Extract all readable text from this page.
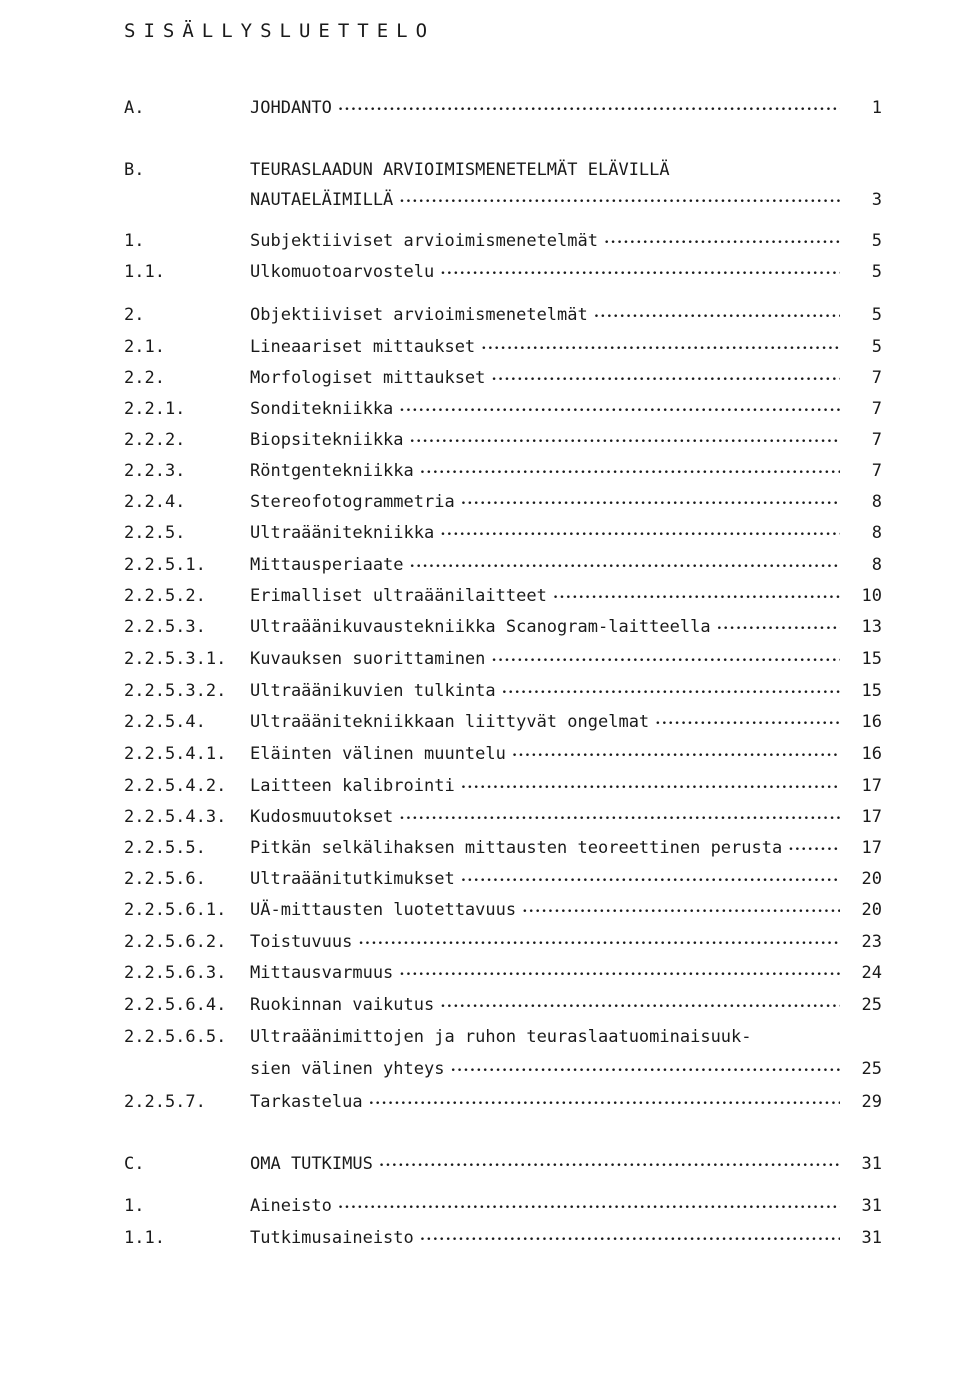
SISÄLLYSLUETTELO
A.	JOHDANTO •••••	1
B.	TEURASLAADUN ARVIOIMISMENETELMÄT ELÄVILLÄ
NAUTAELÄIMILLÄ •••••	3
1.	Subjektiiviset arvioimismenetelmät •••••	5
1.1.	Ulkomuotoarvostelu •••••	5
2.	Objektiiviset arvioimismenetelmät •••••	5
2.1.	Lineaariset mittaukset •••••	5
2.2.	Morfologiset mittaukset •••••	7
2.2.1.	Sonditekniikka •••••	7
2.2.2.	Biopsitekniikka •••••	7
2.2.3.	Röntgentekniikka •••••	7
2.2.4.	Stereofotogrammetria •••••	8
2.2.5.	Ultraäänitekniikka •••••	8
2.2.5.1.	Mittausperiaate •••••	8
2.2.5.2.	Erimalliset ultraäänilaitteet •••••	10
2.2.5.3.	Ultraäänikuvaustekniikka Scanogram-laitteella •••••	13
2.2.5.3.1. Kuvauksen suorittaminen •••••	15
2.2.5.3.2. Ultraäänikuvien tulkinta •••••	15
2.2.5.4.	Ultraäänitekniikkaan liittyvät ongelmat •••••	16
2.2.5.4.1. Eläinten välinen muuntelu •••••	16
2.2.5.4.2. Laitteen kalibrointi •••••	17
2.2.5.4.3. Kudosmuutokset •••••	17
2.2.5.5.	Pitkän selkälihaksen mittausten teoreettinen perusta •••••	17
2.2.5.6.	Ultraäänitutkimukset •••••	20
2.2.5.6.1. UÄ-mittausten luotettavuus •••••	20
2.2.5.6.2. Toistuvuus •••••	23
2.2.5.6.3. Mittausvarmuus •••••	24
2.2.5.6.4. Ruokinnan vaikutus •••••	25
2.2.5.6.5. Ultraäänimittojen ja ruhon teuraslaatuominaisuuk-
sien välinen yhteys •••••	25
2.2.5.7.	Tarkastelua •••••	29
C.	OMA TUTKIMUS •••••	31
1.	Aineisto •••••	31
1.1.	Tutkimusaineisto •••••	31
